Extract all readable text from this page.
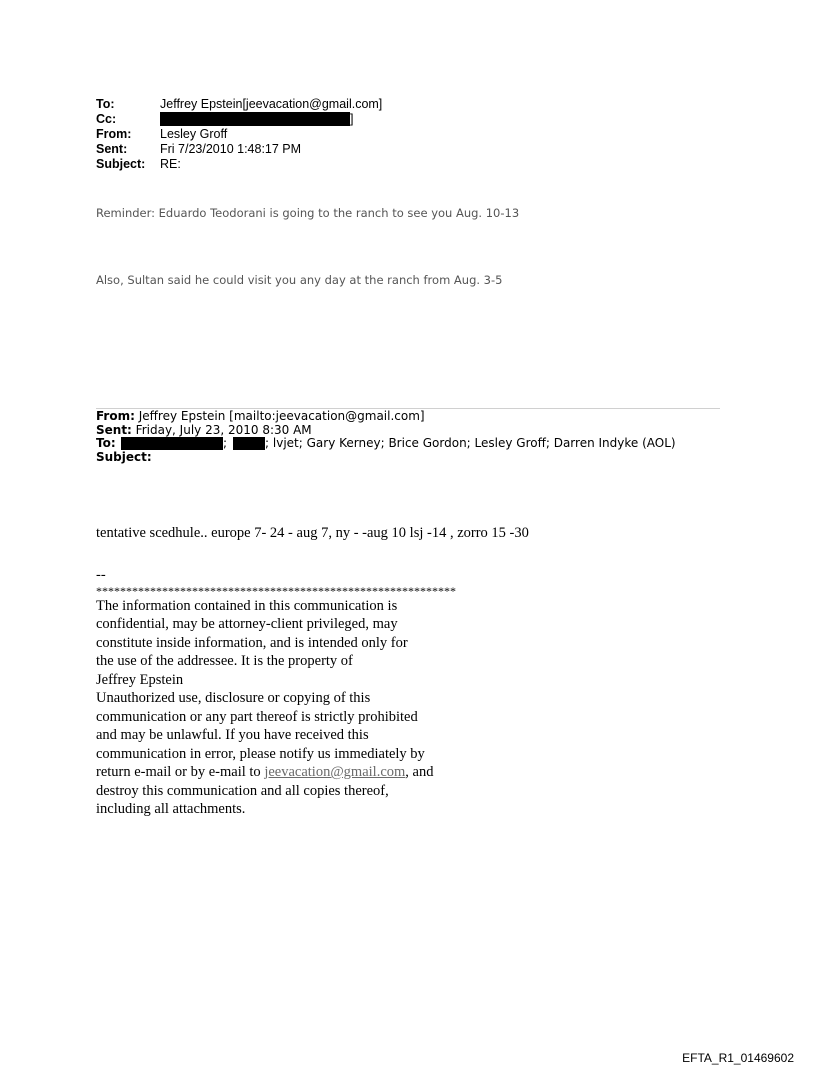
To:	Jeffrey Epstein[jeevacation@gmail.com]
Cc:	]
From:	Lesley Groff
Sent:	Fri 7/23/2010 1:48:17 PM
Subject:	RE:
Reminder: Eduardo Teodorani is going to the ranch to see you Aug. 10-13
Also, Sultan said he could visit you any day at the ranch from Aug. 3-5
From: Jeffrey Epstein [mailto:jeevacation@gmail.com]
Sent: Friday, July 23, 2010 8:30 AM
To:	;	; lvjet; Gary Kerney; Brice Gordon; Lesley Groff; Darren Indyke (AOL)
Subject:
tentative scedhule.. europe 7- 24 - aug 7, ny - -aug 10 lsj -14 , zorro 15 -30
--
************************************************************
The information contained in this communication is
confidential, may be attorney-client privileged, may
constitute inside information, and is intended only for
the use of the addressee. It is the property of
Jeffrey Epstein
Unauthorized use, disclosure or copying of this
communication or any part thereof is strictly prohibited
and may be unlawful. If you have received this
communication in error, please notify us immediately by
return e-mail or by e-mail to jeevacation@gmail.com, and
destroy this communication and all copies thereof,
including all attachments.
EFTA_R1_01469602
